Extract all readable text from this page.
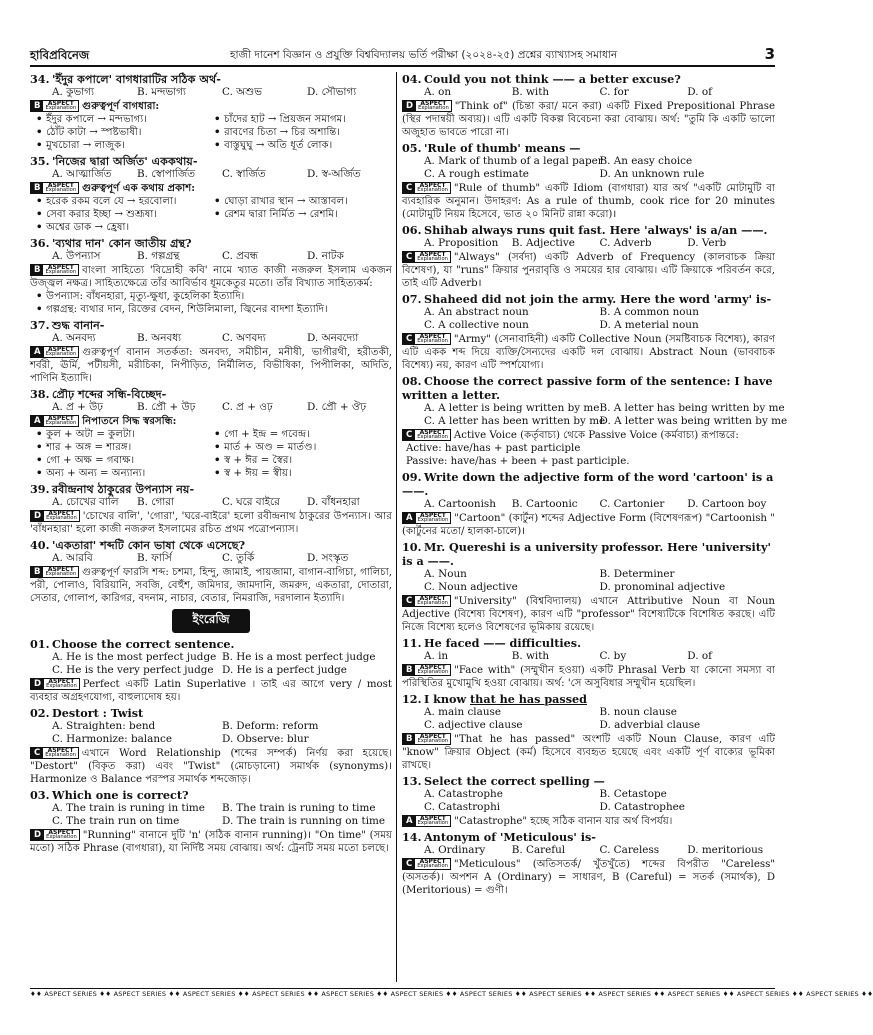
হাবিপ্রবিনেজ	হাজী দানেশ বিজ্ঞান ও প্রযুক্তি বিশ্ববিদ্যালয় ভর্তি পরীক্ষা (২০২৪-২৫) প্রশ্নের ব্যাখ্যাসহ সমাধান	3
34. 'ইঁদুর কপালে' বাগধারাটির সঠিক অর্থ-
A. কুভাগ্য	B. মন্দভাগ্য	C. অশুভ	D. সৌভাগ্য
B	ASPECT
Explanation গুরুত্বপূর্ণ বাগধারা:
• ইঁদুর কপালে → মন্দভাগ্য।	• চাঁদের হাট → প্রিয়জন সমাগম।
• ঠোঁট কাটা → স্পষ্টভাষী।	• রাবণের চিতা → চির অশান্তি।
• মুখচোরা → লাজুক।	• বাস্তুঘুঘু → অতি ধূর্ত লোক।
35. 'নিজের দ্বারা অর্জিত' এককথায়-
A. আত্মার্জিত	B. স্বোপার্জিত	C. স্বার্জিত	D. স্ব-অর্জিত
B	ASPECT
Explanation গুরুত্বপূর্ণ এক কথায় প্রকাশ:
• হরেক রকম বলে যে → হরবোলা।	• ঘোড়া রাখার স্থান → আস্তাবল।
• সেবা করার ইচ্ছা → শুশ্রূষা।	• রেশম দ্বারা নির্মিত → রেশমি।
• অশ্বের ডাক → হ্রেষা।
36. 'ব্যথার দান' কোন জাতীয় গ্রন্থ?
A. উপন্যাস	B. গল্পগ্রন্থ	C. প্রবন্ধ	D. নাটক
B	ASPECT
Explanation বাংলা সাহিত্যে 'বিদ্রোহী কবি' নামে খ্যাত কাজী নজরুল ইসলাম একজন উজ্জ্বল নক্ষত্র। সাহিত্যক্ষেত্রে তাঁর আবির্ভাব ধূমকেতুর মতো। তাঁর বিখ্যাত সাহিত্যকর্ম:
• উপন্যাস: বাঁধনহারা, মৃত্যু-ক্ষুধা, কুহেলিকা ইত্যাদি।
• গল্পগ্রন্থ: ব্যথার দান, রিক্তের বেদন, শিউলিমালা, জ্বিনের বাদশা ইত্যাদি।
37. শুদ্ধ বানান-
A. অনবদ্য	B. অনবধ্য	C. অণবদ্য	D. অনবদ্যো
A	ASPECT
Explanation গুরুত্বপূর্ণ বানান সতর্কতা: অনবদ্য, সমীচীন, মনীষী, ভাগীরথী, হরীতকী, শর্বরী, ঊর্মি, পটীয়সী, মরীচিকা, নিপীড়িত, নির্মীলিত, বিভীষিকা, পিপীলিকা, অদিতি, পাণিনি ইত্যাদি।
38. প্রৌঢ় শব্দের সন্ধি-বিচ্ছেদ-
A. প্র + উঢ়	B. প্রৌ + উঢ়	C. প্র + ওঢ়	D. প্রৌ + ঔঢ়
A	ASPECT
Explanation নিপাতনে সিদ্ধ স্বরসন্ধি:
• কুল + অটা = কুলটা।	• গো + ইন্দ্র = গবেন্দ্র।
• শার + অঙ্গ = শারঙ্গ।	• মার্ত + অণ্ড = মার্তণ্ড।
• গো + অক্ষ = গবাক্ষ।	• স্ব + ঈর = স্বৈর।
• অন্য + অন্য = অন্যান্য।	• স্ব + ঈয় = স্বীয়।
39. রবীন্দ্রনাথ ঠাকুরের উপন্যাস নয়-
A. চোখের বালি	B. গোরা	C. ঘরে বাইরে	D. বাঁধনহারা
D	ASPECT
Explanation 'চোখের বালি', 'গোরা', 'ঘরে-বাইরে' হলো রবীন্দ্রনাথ ঠাকুরের উপন্যাস। আর 'বাঁধনহারা' হলো কাজী নজরুল ইসলামের রচিত প্রথম পত্রোপন্যাস।
40. 'একতারা' শব্দটি কোন ভাষা থেকে এসেছে?
A. আরবি	B. ফার্সি	C. তুর্কি	D. সংস্কৃত
B	ASPECT
Explanation গুরুত্বপূর্ণ ফারসি শব্দ: চশমা, হিন্দু, জামাই, পায়জামা, বাগান-বাগিচা, গালিচা, পরী, পোলাও, বিরিয়ানি, সবজি, বেহুঁশ, জমিদার, জামদানি, জমরুদ, একতারা, দোতারা, সেতার, গোলাপ, কারিগর, বদনাম, নাচার, বেতার, নিমরাজি, দরদালান ইত্যাদি।
ইংরেজি
01. Choose the correct sentence.
A. He is the most perfect judge B. He is a most perfect judge
C. He is the very perfect judge D. He is a perfect judge
D	ASPECT
Explanation Perfect একটি Latin Superlative । তাই এর আগে very / most ব্যবহার অগ্রহণযোগ্য, বাহুল্যদোষ হয়।
02. Destort : Twist
A. Straighten: bend	B. Deform: reform
C. Harmonize: balance	D. Observe: blur
C	ASPECT
Explanation এখানে Word Relationship (শব্দের সম্পর্ক) নির্ণয় করা হয়েছে। "Destort" (বিকৃত করা) এবং "Twist" (মোচড়ানো) সমার্থক (synonyms)। Harmonize ও Balance পরস্পর সমার্থক শব্দজোড়।
03. Which one is correct?
A. The train is runing in time	B. The train is runing to time
C. The train run on time	D. The train is running on time
D	ASPECT
Explanation "Running" বানানে দুটি 'n' (সঠিক বানান running)। "On time" (সময় মতো) সঠিক Phrase (বাগধারা), যা নির্দিষ্ট সময় বোঝায়। অর্থ: ট্রেনটি সময় মতো চলছে।
04. Could you not think —— a better excuse?
A. on	B. with	C. for	D. of
D	ASPECT
Explanation "Think of" (চিন্তা করা/ মনে করা) একটি Fixed Prepositional Phrase (স্থির পদান্বয়ী অব্যয়)। এটি একটি বিকল্প বিবেচনা করা বোঝায়। অর্থ: "তুমি কি একটি ভালো অজুহাত ভাবতে পারো না।
05. 'Rule of thumb' means —
A. Mark of thumb of a legal paper
B. An easy choice
C. A rough estimate	D. An unknown rule
C	ASPECT
Explanation "Rule of thumb" একটি Idiom (বাগধারা) যার অর্থ "একটি মোটামুটি বা ব্যবহারিক অনুমান। উদাহরণ: As a rule of thumb, cook rice for 20 minutes (মোটামুটি নিয়ম হিসেবে, ভাত ২০ মিনিট রান্না করো)।
06. Shihab always runs quit fast. Here 'always' is a/an ——.
A. Proposition	B. Adjective	C. Adverb	D. Verb
C	ASPECT
Explanation "Always" (সর্বদা) একটি Adverb of Frequency (কালবাচক ক্রিয়া বিশেষণ), যা "runs" ক্রিয়ার পুনরাবৃত্তি ও সময়ের হার বোঝায়। এটি ক্রিয়াকে পরিবর্তন করে, তাই এটি Adverb।
07. Shaheed did not join the army. Here the word 'army' is-
A. An abstract noun	B. A common noun
C. A collective noun	D. A meterial noun
C	ASPECT
Explanation "Army" (সেনাবাহিনী) একটি Collective Noun (সমষ্টিবাচক বিশেষ্য), কারণ এটি একক শব্দ দিয়ে ব্যক্তি/সৈন্যদের একটি দল বোঝায়। Abstract Noun (ভাববাচক বিশেষ্য) নয়, কারণ এটি স্পর্শযোগ্য।
08. Choose the correct passive form of the sentence: I have written a letter.
A. A letter is being written by me B. A letter has being written by me
C. A letter has been written by me
D. A letter was being written by me
C	ASPECT
Explanation Active Voice (কর্তৃবাচ্য) থেকে Passive Voice (কর্মবাচ্য) রূপান্তরে:
Active: have/has + past participle
Passive: have/has + been + past participle.
09. Write down the adjective form of the word 'cartoon' is a——.
A. Cartoonish	B. Cartoonic	C. Cartonier	D. Cartoon boy
A	ASPECT
Explanation "Cartoon" (কার্টুন) শব্দের Adjective Form (বিশেষণরূপ) "Cartoonish " (কার্টুনের মতো/ হালকা-চালে)।
10. Mr. Quereshi is a university professor. Here 'university' is a ——.
A. Noun	B. Determiner
C. Noun adjective	D. pronominal adjective
C	ASPECT
Explanation "University" (বিশ্ববিদ্যালয়) এখানে Attributive Noun বা Noun Adjective (বিশেষ্য বিশেষণ), কারণ এটি "professor" বিশেষ্যটিকে বিশেষিত করছে। এটি নিজে বিশেষ্য হলেও বিশেষণের ভূমিকায় রয়েছে।
11. He faced —— difficulties.
A. in	B. with	C. by	D. of
B	ASPECT
Explanation "Face with" (সম্মুখীন হওয়া) একটি Phrasal Verb যা কোনো সমস্যা বা পরিস্থিতির মুখোমুখি হওয়া বোঝায়। অর্থ: 'সে অসুবিধার সম্মুখীন হয়েছিল।
12. I know that he has passed
A. main clause	B. noun clause
C. adjective clause	D. adverbial clause
B	ASPECT
Explanation "That he has passed" অংশটি একটি Noun Clause, কারণ এটি "know" ক্রিয়ার Object (কর্ম) হিসেবে ব্যবহৃত হয়েছে এবং একটি পূর্ণ বাক্যের ভূমিকা রাখছে।
13. Select the correct spelling —
A. Catastrophe	B. Cetastope
C. Catastrophi	D. Catastrophee
A	ASPECT
Explanation "Catastrophe" হচ্ছে সঠিক বানান যার অর্থ বিপর্যয়।
14. Antonym of 'Meticulous' is-
A. Ordinary	B. Careful	C. Careless	D. meritorious
C	ASPECT
Explanation "Meticulous" (অতিসতর্ক/ খুঁতখুঁতে) শব্দের বিপরীত "Careless" (অসতর্ক)। অপশন A (Ordinary) = সাধারণ, B (Careful) = সতর্ক (সমার্থক), D (Meritorious) = গুণী।
♦♦ ASPECT SERIES ♦♦ ASPECT SERIES ♦♦ ASPECT SERIES ♦♦ ASPECT SERIES ♦♦ ASPECT SERIES ♦♦ ASPECT SERIES ♦♦ ASPECT SERIES ♦♦ ASPECT SERIES ♦♦ ASPECT SERIES ♦♦ ASPECT SERIES ♦♦ ASPECT SERIES ♦♦ ASPECT SERIES ♦♦
